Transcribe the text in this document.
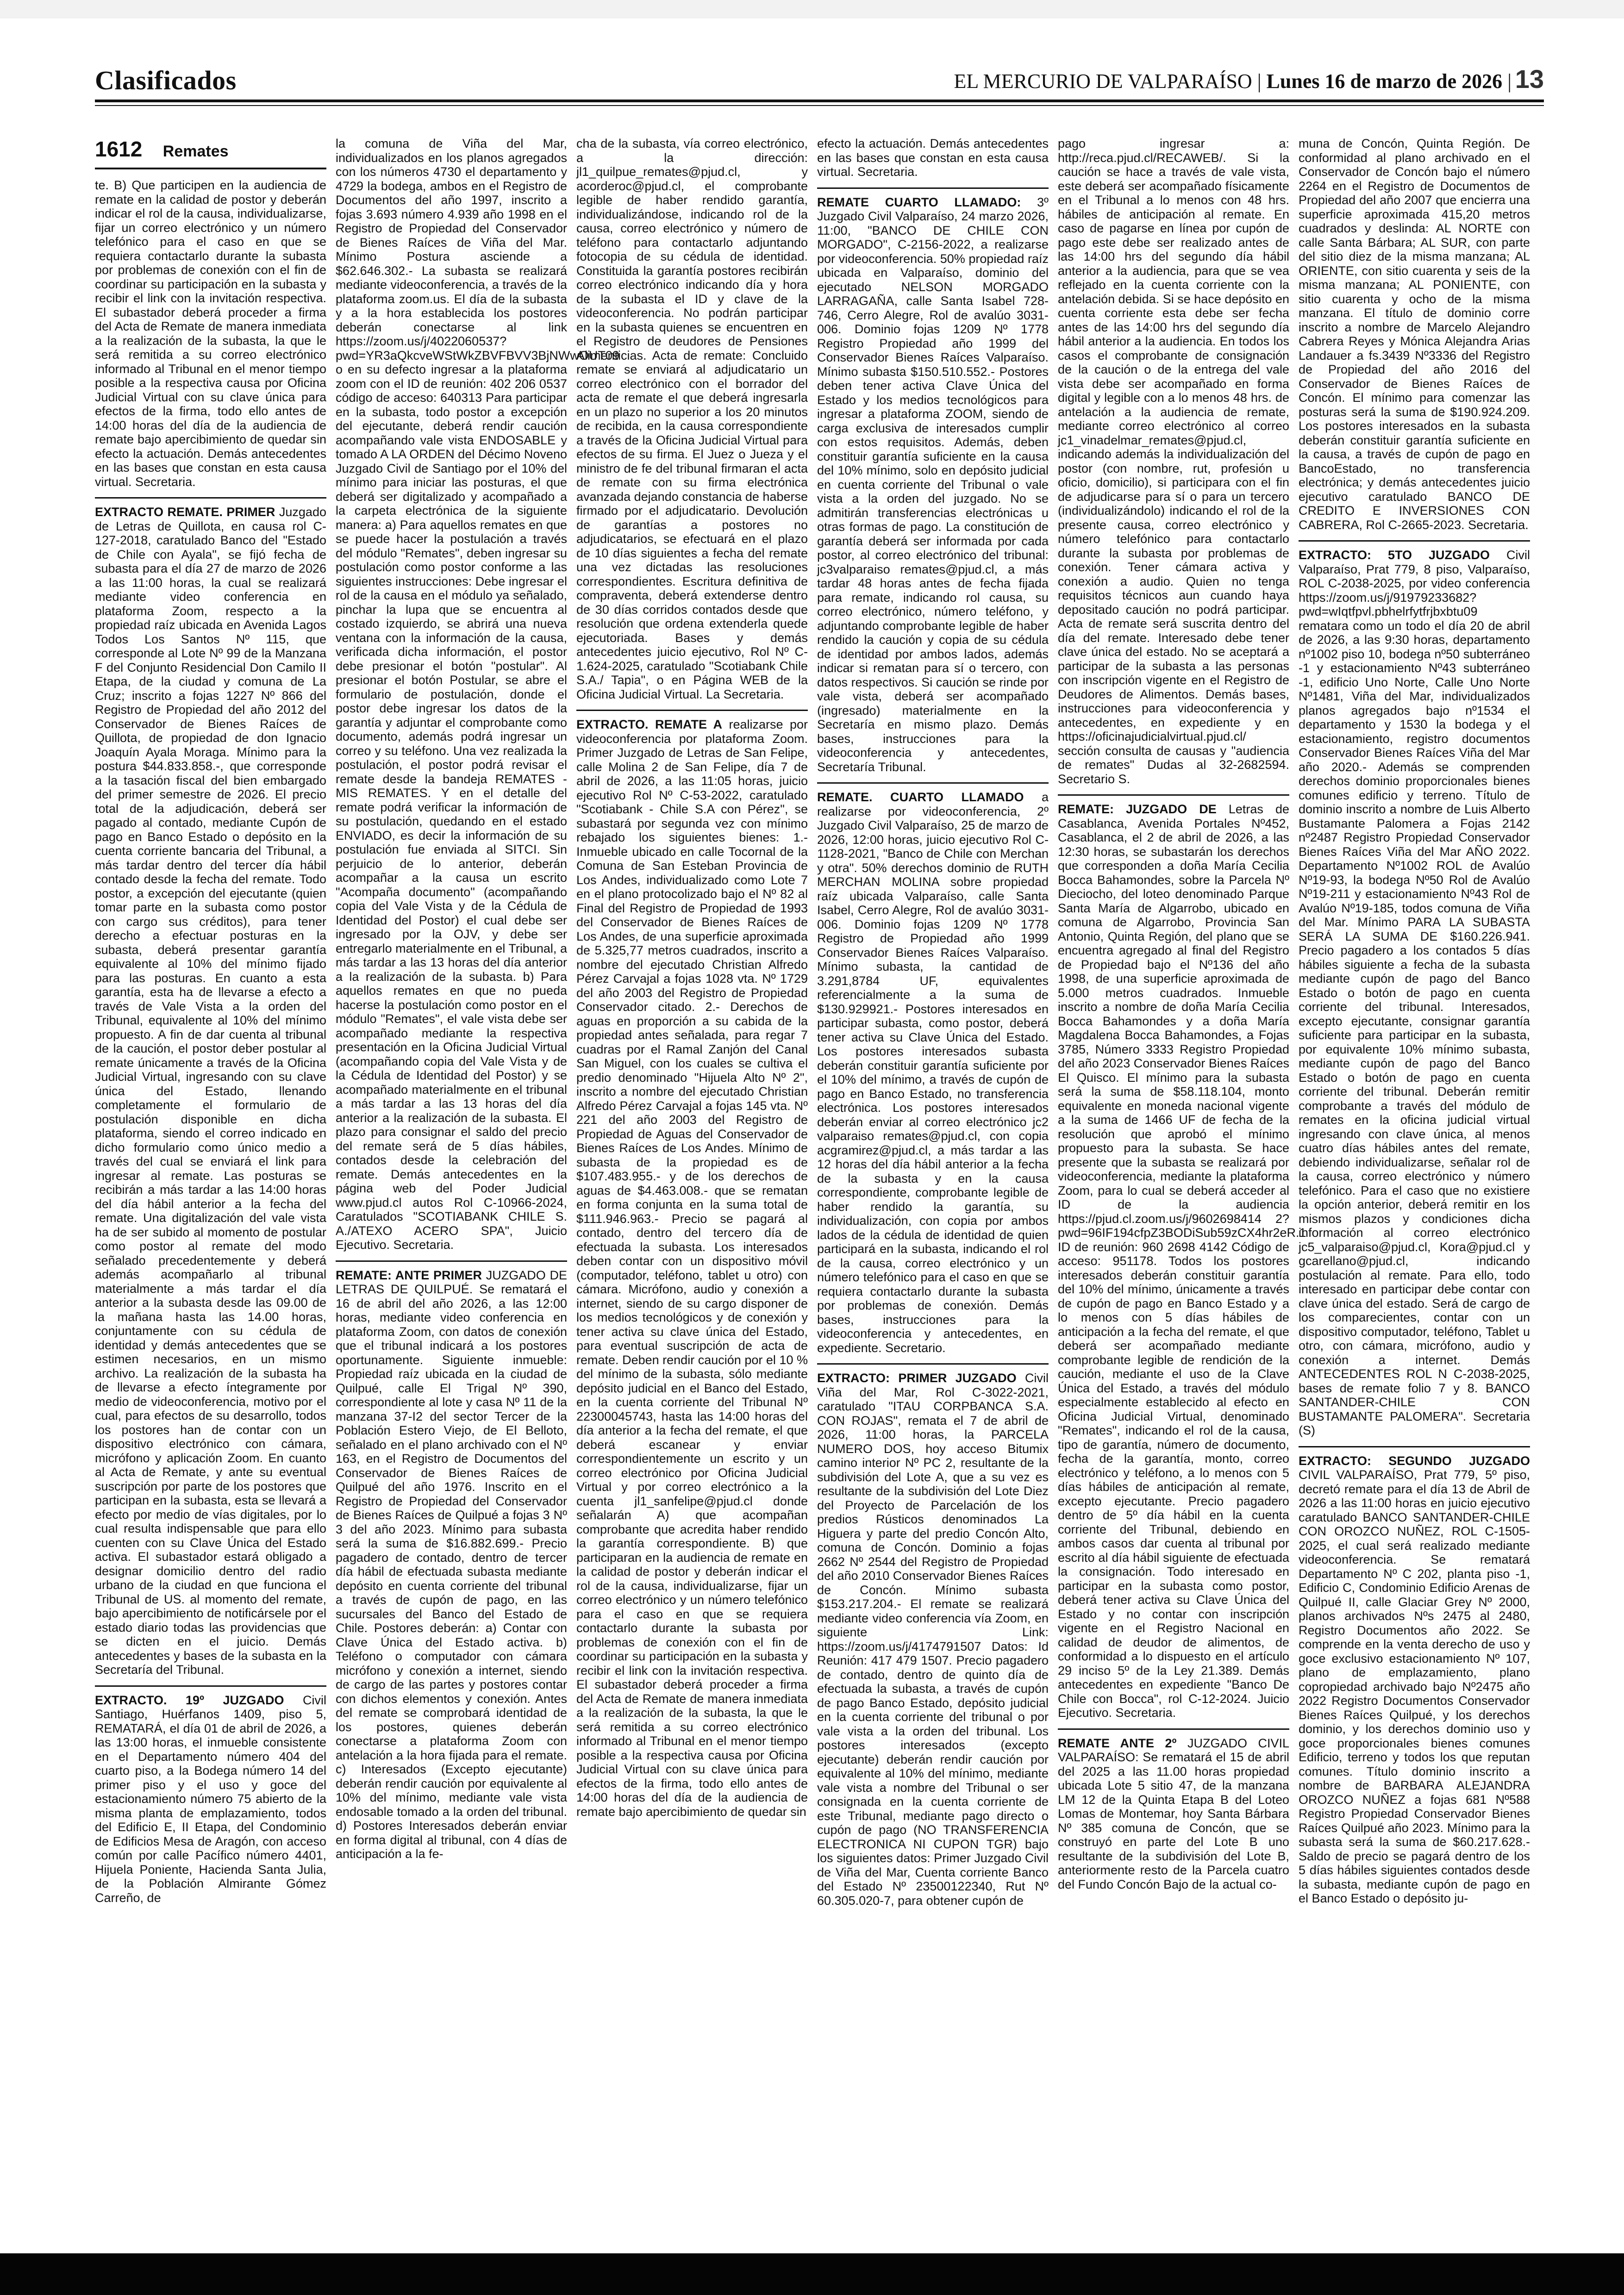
Clasificados	EL MERCURIO DE VALPARAÍSO | Lunes 16 de marzo de 2026 | 13
1612 Remates

te. B) Que participen en la audiencia de remate en la calidad de postor y deberán indicar el rol de la causa, individualizarse, fijar un correo electrónico y un número telefónico para el caso en que se requiera contactarlo durante la subasta por problemas de conexión con el fin de coordinar su participación en la subasta y recibir el link con la invitación respectiva. El subastador deberá proceder a firma del Acta de Remate de manera inmediata a la realización de la subasta, la que le será remitida a su correo electrónico informado al Tribunal en el menor tiempo posible a la respectiva causa por Oficina Judicial Virtual con su clave única para efectos de la firma, todo ello antes de 14:00 horas del día de la audiencia de remate bajo apercibimiento de quedar sin efecto la actuación. Demás antecedentes en las bases que constan en esta causa virtual. Secretaria.

EXTRACTO REMATE. PRIMER Juzgado de Letras de Quillota, en causa rol C-127-2018, caratulado Banco del "Estado de Chile con Ayala", se fijó fecha de subasta para el día 27 de marzo de 2026 a las 11:00 horas, la cual se realizará mediante video conferencia en plataforma Zoom, respecto a la propiedad raíz ubicada en Avenida Lagos Todos Los Santos Nº 115, que corresponde al Lote Nº 99 de la Manzana F del Conjunto Residencial Don Camilo II Etapa, de la ciudad y comuna de La Cruz; inscrito a fojas 1227 Nº 866 del Registro de Propiedad del año 2012 del Conservador de Bienes Raíces de Quillota, de propiedad de don Ignacio Joaquín Ayala Moraga. Mínimo para la postura $44.833.858.-, que corresponde a la tasación fiscal del bien embargado del primer semestre de 2026. El precio total de la adjudicación, deberá ser pagado al contado, mediante Cupón de pago en Banco Estado o depósito en la cuenta corriente bancaria del Tribunal, a más tardar dentro del tercer día hábil contado desde la fecha del remate. Todo postor, a excepción del ejecutante (quien tomar parte en la subasta como postor con cargo sus créditos), para tener derecho a efectuar posturas en la subasta, deberá presentar garantía equivalente al 10% del mínimo fijado para las posturas. En cuanto a esta garantía, esta ha de llevarse a efecto a través de Vale Vista a la orden del Tribunal, equivalente al 10% del mínimo propuesto. A fin de dar cuenta al tribunal de la caución, el postor deber postular al remate únicamente a través de la Oficina Judicial Virtual, ingresando con su clave única del Estado, llenando completamente el formulario de postulación disponible en dicha plataforma, siendo el correo indicado en dicho formulario como único medio a través del cual se enviará el link para ingresar al remate. Las posturas se recibirán a más tardar a las 14:00 horas del día hábil anterior a la fecha del remate. Una digitalización del vale vista ha de ser subido al momento de postular como postor al remate del modo señalado precedentemente y deberá además acompañarlo al tribunal materialmente a más tardar el día anterior a la subasta desde las 09.00 de la mañana hasta las 14.00 horas, conjuntamente con su cédula de identidad y demás antecedentes que se estimen necesarios, en un mismo archivo. La realización de la subasta ha de llevarse a efecto íntegramente por medio de videoconferencia, motivo por el cual, para efectos de su desarrollo, todos los postores han de contar con un dispositivo electrónico con cámara, micrófono y aplicación Zoom. En cuanto al Acta de Remate, y ante su eventual suscripción por parte de los postores que participan en la subasta, esta se llevará a efecto por medio de vías digitales, por lo cual resulta indispensable que para ello cuenten con su Clave Única del Estado activa. El subastador estará obligado a designar domicilio dentro del radio urbano de la ciudad en que funciona el Tribunal de US. al momento del remate, bajo apercibimiento de notificársele por el estado diario todas las providencias que se dicten en el juicio. Demás antecedentes y bases de la subasta en la Secretaría del Tribunal.

EXTRACTO. 19º JUZGADO Civil Santiago, Huérfanos 1409, piso 5, REMATARÁ, el día 01 de abril de 2026, a las 13:00 horas, el inmueble consistente en el Departamento número 404 del cuarto piso, a la Bodega número 14 del primer piso y el uso y goce del estacionamiento número 75 abierto de la misma planta de emplazamiento, todos del Edificio E, II Etapa, del Condominio de Edificios Mesa de Aragón, con acceso común por calle Pacífico número 4401, Hijuela Poniente, Hacienda Santa Julia, de la Población Almirante Gómez Carreño, de

la comuna de Viña del Mar, individualizados en los planos agregados con los números 4730 el departamento y 4729 la bodega, ambos en el Registro de Documentos del año 1997, inscrito a fojas 3.693 número 4.939 año 1998 en el Registro de Propiedad del Conservador de Bienes Raíces de Viña del Mar. Mínimo Postura asciende a $62.646.302.- La subasta se realizará mediante videoconferencia, a través de la plataforma zoom.us. El día de la subasta y a la hora establecida los postores deberán conectarse al link https://zoom.us/j/4022060537?pwd=YR3aQkcveWStWkZBVFBVV3BjNWwOUT09 o en su defecto ingresar a la plataforma zoom con el ID de reunión: 402 206 0537 código de acceso: 640313 Para participar en la subasta, todo postor a excepción del ejecutante, deberá rendir caución acompañando vale vista ENDOSABLE y tomado A LA ORDEN del Décimo Noveno Juzgado Civil de Santiago por el 10% del mínimo para iniciar las posturas, el que deberá ser digitalizado y acompañado a la carpeta electrónica de la siguiente manera: a) Para aquellos remates en que se puede hacer la postulación a través del módulo "Remates", deben ingresar su postulación como postor conforme a las siguientes instrucciones: Debe ingresar el rol de la causa en el módulo ya señalado, pinchar la lupa que se encuentra al costado izquierdo, se abrirá una nueva ventana con la información de la causa, verificada dicha información, el postor debe presionar el botón "postular". Al presionar el botón Postular, se abre el formulario de postulación, donde el postor debe ingresar los datos de la garantía y adjuntar el comprobante como documento, además podrá ingresar un correo y su teléfono. Una vez realizada la postulación, el postor podrá revisar el remate desde la bandeja REMATES - MIS REMATES. Y en el detalle del remate podrá verificar la información de su postulación, quedando en el estado ENVIADO, es decir la información de su postulación fue enviada al SITCI. Sin perjuicio de lo anterior, deberán acompañar a la causa un escrito "Acompaña documento" (acompañando copia del Vale Vista y de la Cédula de Identidad del Postor) el cual debe ser ingresado por la OJV, y debe ser entregarlo materialmente en el Tribunal, a más tardar a las 13 horas del día anterior a la realización de la subasta. b) Para aquellos remates en que no pueda hacerse la postulación como postor en el módulo "Remates", el vale vista debe ser acompañado mediante la respectiva presentación en la Oficina Judicial Virtual (acompañando copia del Vale Vista y de la Cédula de Identidad del Postor) y se acompañado materialmente en el tribunal a más tardar a las 13 horas del día anterior a la realización de la subasta. El plazo para consignar el saldo del precio del remate será de 5 días hábiles, contados desde la celebración del remate. Demás antecedentes en la página web del Poder Judicial www.pjud.cl autos Rol C-10966-2024, Caratulados "SCOTIABANK CHILE S. A./ATEXO ACERO SPA", Juicio Ejecutivo. Secretaria.

REMATE: ANTE PRIMER JUZGADO DE LETRAS DE QUILPUÉ. Se rematará el 16 de abril del año 2026, a las 12:00 horas, mediante video conferencia en plataforma Zoom, con datos de conexión que el tribunal indicará a los postores oportunamente. Siguiente inmueble: Propiedad raíz ubicada en la ciudad de Quilpué, calle El Trigal Nº 390, correspondiente al lote y casa Nº 11 de la manzana 37-I2 del sector Tercer de la Población Estero Viejo, de El Belloto, señalado en el plano archivado con el Nº 163, en el Registro de Documentos del Conservador de Bienes Raíces de Quilpué del año 1976. Inscrito en el Registro de Propiedad del Conservador de Bienes Raíces de Quilpué a fojas 3 Nº 3 del año 2023. Mínimo para subasta será la suma de $16.882.699.- Precio pagadero de contado, dentro de tercer día hábil de efectuada subasta mediante depósito en cuenta corriente del tribunal a través de cupón de pago, en las sucursales del Banco del Estado de Chile. Postores deberán: a) Contar con Clave Única del Estado activa. b) Teléfono o computador con cámara micrófono y conexión a internet, siendo de cargo de las partes y postores contar con dichos elementos y conexión. Antes del remate se comprobará identidad de los postores, quienes deberán conectarse a plataforma Zoom con antelación a la hora fijada para el remate. c) Interesados (Excepto ejecutante) deberán rendir caución por equivalente al 10% del mínimo, mediante vale vista endosable tomado a la orden del tribunal. d) Postores Interesados deberán enviar en forma digital al tribunal, con 4 días de anticipación a la fe-

cha de la subasta, vía correo electrónico, a la dirección: jl1_quilpue_remates@pjud.cl, y acorderoc@pjud.cl, el comprobante legible de haber rendido garantía, individualizándose, indicando rol de la causa, correo electrónico y número de teléfono para contactarlo adjuntando fotocopia de su cédula de identidad. Constituida la garantía postores recibirán correo electrónico indicando día y hora de la subasta el ID y clave de la videoconferencia. No podrán participar en la subasta quienes se encuentren en el Registro de deudores de Pensiones Alimenticias. Acta de remate: Concluido remate se enviará al adjudicatario un correo electrónico con el borrador del acta de remate el que deberá ingresarla en un plazo no superior a los 20 minutos de recibida, en la causa correspondiente a través de la Oficina Judicial Virtual para efectos de su firma. El Juez o Jueza y el ministro de fe del tribunal firmaran el acta de remate con su firma electrónica avanzada dejando constancia de haberse firmado por el adjudicatario. Devolución de garantías a postores no adjudicatarios, se efectuará en el plazo de 10 días siguientes a fecha del remate una vez dictadas las resoluciones correspondientes. Escritura definitiva de compraventa, deberá extenderse dentro de 30 días corridos contados desde que resolución que ordena extenderla quede ejecutoriada. Bases y demás antecedentes juicio ejecutivo, Rol Nº C-1.624-2025, caratulado "Scotiabank Chile S.A./ Tapia", o en Página WEB de la Oficina Judicial Virtual. La Secretaria.

EXTRACTO. REMATE A realizarse por videoconferencia por plataforma Zoom. Primer Juzgado de Letras de San Felipe, calle Molina 2 de San Felipe, día 7 de abril de 2026, a las 11:05 horas, juicio ejecutivo Rol Nº C-53-2022, caratulado "Scotiabank - Chile S.A con Pérez", se subastará por segunda vez con mínimo rebajado los siguientes bienes: 1.- Inmueble ubicado en calle Tocornal de la Comuna de San Esteban Provincia de Los Andes, individualizado como Lote 7 en el plano protocolizado bajo el Nº 82 al Final del Registro de Propiedad de 1993 del Conservador de Bienes Raíces de Los Andes, de una superficie aproximada de 5.325,77 metros cuadrados, inscrito a nombre del ejecutado Christian Alfredo Pérez Carvajal a fojas 1028 vta. Nº 1729 del año 2003 del Registro de Propiedad Conservador citado. 2.- Derechos de aguas en proporción a su cabida de la propiedad antes señalada, para regar 7 cuadras por el Ramal Zanjón del Canal San Miguel, con los cuales se cultiva el predio denominado "Hijuela Alto Nº 2", inscrito a nombre del ejecutado Christian Alfredo Pérez Carvajal a fojas 145 vta. Nº 221 del año 2003 del Registro de Propiedad de Aguas del Conservador de Bienes Raíces de Los Andes. Mínimo de subasta de la propiedad es de $107.483.955.- y de los derechos de aguas de $4.463.008.- que se rematan en forma conjunta en la suma total de $111.946.963.- Precio se pagará al contado, dentro del tercero día de efectuada la subasta. Los interesados deben contar con un dispositivo móvil (computador, teléfono, tablet u otro) con cámara. Micrófono, audio y conexión a internet, siendo de su cargo disponer de los medios tecnológicos y de conexión y tener activa su clave única del Estado, para eventual suscripción de acta de remate. Deben rendir caución por el 10 % del mínimo de la subasta, sólo mediante depósito judicial en el Banco del Estado, en la cuenta corriente del Tribunal Nº 22300045743, hasta las 14:00 horas del día anterior a la fecha del remate, el que deberá escanear y enviar correspondientemente un escrito y un correo electrónico por Oficina Judicial Virtual y por correo electrónico a la cuenta jl1_sanfelipe@pjud.cl donde señalarán A) que acompañan comprobante que acredita haber rendido la garantía correspondiente. B) que participaran en la audiencia de remate en la calidad de postor y deberán indicar el rol de la causa, individualizarse, fijar un correo electrónico y un número telefónico para el caso en que se requiera contactarlo durante la subasta por problemas de conexión con el fin de coordinar su participación en la subasta y recibir el link con la invitación respectiva. El subastador deberá proceder a firma del Acta de Remate de manera inmediata a la realización de la subasta, la que le será remitida a su correo electrónico informado al Tribunal en el menor tiempo posible a la respectiva causa por Oficina Judicial Virtual con su clave única para efectos de la firma, todo ello antes de 14:00 horas del día de la audiencia de remate bajo apercibimiento de quedar sin

efecto la actuación. Demás antecedentes en las bases que constan en esta causa virtual. Secretaria.

REMATE CUARTO LLAMADO: 3º Juzgado Civil Valparaíso, 24 marzo 2026, 11:00, "BANCO DE CHILE CON MORGADO", C-2156-2022, a realizarse por videoconferencia. 50% propiedad raíz ubicada en Valparaíso, dominio del ejecutado NELSON MORGADO LARRAGAÑA, calle Santa Isabel 728-746, Cerro Alegre, Rol de avalúo 3031-006. Dominio fojas 1209 Nº 1778 Registro Propiedad año 1999 del Conservador Bienes Raíces Valparaíso. Mínimo subasta $150.510.552.- Postores deben tener activa Clave Única del Estado y los medios tecnológicos para ingresar a plataforma ZOOM, siendo de carga exclusiva de interesados cumplir con estos requisitos. Además, deben constituir garantía suficiente en la causa del 10% mínimo, solo en depósito judicial en cuenta corriente del Tribunal o vale vista a la orden del juzgado. No se admitirán transferencias electrónicas u otras formas de pago. La constitución de garantía deberá ser informada por cada postor, al correo electrónico del tribunal: jc3valparaiso remates@pjud.cl, a más tardar 48 horas antes de fecha fijada para remate, indicando rol causa, su correo electrónico, número teléfono, y adjuntando comprobante legible de haber rendido la caución y copia de su cédula de identidad por ambos lados, además indicar si rematan para sí o tercero, con datos respectivos. Si caución se rinde por vale vista, deberá ser acompañado (ingresado) materialmente en la Secretaría en mismo plazo. Demás bases, instrucciones para la videoconferencia y antecedentes, Secretaría Tribunal.

REMATE. CUARTO LLAMADO a realizarse por videoconferencia, 2º Juzgado Civil Valparaíso, 25 de marzo de 2026, 12:00 horas, juicio ejecutivo Rol C-1128-2021, "Banco de Chile con Merchan y otra". 50% derechos dominio de RUTH MERCHAN MOLINA sobre propiedad raíz ubicada Valparaíso, calle Santa Isabel, Cerro Alegre, Rol de avalúo 3031-006. Dominio fojas 1209 Nº 1778 Registro de Propiedad año 1999 Conservador Bienes Raíces Valparaíso. Mínimo subasta, la cantidad de 3.291,8784 UF, equivalentes referencialmente a la suma de $130.929921.- Postores interesados en participar subasta, como postor, deberá tener activa su Clave Única del Estado. Los postores interesados subasta deberán constituir garantía suficiente por el 10% del mínimo, a través de cupón de pago en Banco Estado, no transferencia electrónica. Los postores interesados deberán enviar al correo electrónico jc2 valparaiso remates@pjud.cl, con copia acgramirez@pjud.cl, a más tardar a las 12 horas del día hábil anterior a la fecha de la subasta y en la causa correspondiente, comprobante legible de haber rendido la garantía, su individualización, con copia por ambos lados de la cédula de identidad de quien participará en la subasta, indicando el rol de la causa, correo electrónico y un número telefónico para el caso en que se requiera contactarlo durante la subasta por problemas de conexión. Demás bases, instrucciones para la videoconferencia y antecedentes, en expediente. Secretario.

EXTRACTO: PRIMER JUZGADO Civil Viña del Mar, Rol C-3022-2021, caratulado "ITAU CORPBANCA S.A. CON ROJAS", remata el 7 de abril de 2026, 11:00 horas, la PARCELA NUMERO DOS, hoy acceso Bitumix camino interior Nº PC 2, resultante de la subdivisión del Lote A, que a su vez es resultante de la subdivisión del Lote Diez del Proyecto de Parcelación de los predios Rústicos denominados La Higuera y parte del predio Concón Alto, comuna de Concón. Dominio a fojas 2662 Nº 2544 del Registro de Propiedad del año 2010 Conservador Bienes Raíces de Concón. Mínimo subasta $153.217.204.- El remate se realizará mediante video conferencia vía Zoom, en siguiente Link: https://zoom.us/j/4174791507 Datos: Id Reunión: 417 479 1507. Precio pagadero de contado, dentro de quinto día de efectuada la subasta, a través de cupón de pago Banco Estado, depósito judicial en la cuenta corriente del tribunal o por vale vista a la orden del tribunal. Los postores interesados (excepto ejecutante) deberán rendir caución por equivalente al 10% del mínimo, mediante vale vista a nombre del Tribunal o ser consignada en la cuenta corriente de este Tribunal, mediante pago directo o cupón de pago (NO TRANSFERENCIA ELECTRONICA NI CUPON TGR) bajo los siguientes datos: Primer Juzgado Civil de Viña del Mar, Cuenta corriente Banco del Estado Nº 23500122340, Rut Nº 60.305.020-7, para obtener cupón de

pago ingresar a: http://reca.pjud.cl/RECAWEB/. Si la caución se hace a través de vale vista, este deberá ser acompañado físicamente en el Tribunal a lo menos con 48 hrs. hábiles de anticipación al remate. En caso de pagarse en línea por cupón de pago este debe ser realizado antes de las 14:00 hrs del segundo día hábil anterior a la audiencia, para que se vea reflejado en la cuenta corriente con la antelación debida. Si se hace depósito en cuenta corriente esta debe ser fecha antes de las 14:00 hrs del segundo día hábil anterior a la audiencia. En todos los casos el comprobante de consignación de la caución o de la entrega del vale vista debe ser acompañado en forma digital y legible con a lo menos 48 hrs. de antelación a la audiencia de remate, mediante correo electrónico al correo jc1_vinadelmar_remates@pjud.cl, indicando además la individualización del postor (con nombre, rut, profesión u oficio, domicilio), si participara con el fin de adjudicarse para sí o para un tercero (individualizándolo) indicando el rol de la presente causa, correo electrónico y número telefónico para contactarlo durante la subasta por problemas de conexión. Tener cámara activa y conexión a audio. Quien no tenga requisitos técnicos aun cuando haya depositado caución no podrá participar. Acta de remate será suscrita dentro del día del remate. Interesado debe tener clave única del estado. No se aceptará a participar de la subasta a las personas con inscripción vigente en el Registro de Deudores de Alimentos. Demás bases, instrucciones para videoconferencia y antecedentes, en expediente y en https://oficinajudicialvirtual.pjud.cl/ sección consulta de causas y "audiencia de remates" Dudas al 32-2682594. Secretario S.

REMATE: JUZGADO DE Letras de Casablanca, Avenida Portales Nº452, Casablanca, el 2 de abril de 2026, a las 12:30 horas, se subastarán los derechos que corresponden a doña María Cecilia Bocca Bahamondes, sobre la Parcela Nº Dieciocho, del loteo denominado Parque Santa María de Algarrobo, ubicado en comuna de Algarrobo, Provincia San Antonio, Quinta Región, del plano que se encuentra agregado al final del Registro de Propiedad bajo el Nº136 del año 1998, de una superficie aproximada de 5.000 metros cuadrados. Inmueble inscrito a nombre de doña María Cecilia Bocca Bahamondes y a doña María Magdalena Bocca Bahamondes, a Fojas 3785, Número 3333 Registro Propiedad del año 2023 Conservador Bienes Raíces El Quisco. El mínimo para la subasta será la suma de $58.118.104, monto equivalente en moneda nacional vigente a la suma de 1466 UF de fecha de la resolución que aprobó el mínimo propuesto para la subasta. Se hace presente que la subasta se realizará por videoconferencia, mediante la plataforma Zoom, para lo cual se deberá acceder al ID de la audiencia https://pjud.cl.zoom.us/j/9602698414 2? pwd=96IF194cfpZ3BODiSub59zCX4hr2eR.1 ID de reunión: 960 2698 4142 Código de acceso: 951178. Todos los postores interesados deberán constituir garantía del 10% del mínimo, únicamente a través de cupón de pago en Banco Estado y a lo menos con 5 días hábiles de anticipación a la fecha del remate, el que deberá ser acompañado mediante comprobante legible de rendición de la caución, mediante el uso de la Clave Única del Estado, a través del módulo especialmente establecido al efecto en Oficina Judicial Virtual, denominado "Remates", indicando el rol de la causa, tipo de garantía, número de documento, fecha de la garantía, monto, correo electrónico y teléfono, a lo menos con 5 días hábiles de anticipación al remate, excepto ejecutante. Precio pagadero dentro de 5º día hábil en la cuenta corriente del Tribunal, debiendo en ambos casos dar cuenta al tribunal por escrito al día hábil siguiente de efectuada la consignación. Todo interesado en participar en la subasta como postor, deberá tener activa su Clave Única del Estado y no contar con inscripción vigente en el Registro Nacional en calidad de deudor de alimentos, de conformidad a lo dispuesto en el artículo 29 inciso 5º de la Ley 21.389. Demás antecedentes en expediente "Banco De Chile con Bocca", rol C-12-2024. Juicio Ejecutivo. Secretaria.

REMATE ANTE 2º JUZGADO CIVIL VALPARAÍSO: Se rematará el 15 de abril del 2025 a las 11.00 horas propiedad ubicada Lote 5 sitio 47, de la manzana LM 12 de la Quinta Etapa B del Loteo Lomas de Montemar, hoy Santa Bárbara Nº 385 comuna de Concón, que se construyó en parte del Lote B uno resultante de la subdivisión del Lote B, anteriormente resto de la Parcela cuatro del Fundo Concón Bajo de la actual co-

muna de Concón, Quinta Región. De conformidad al plano archivado en el Conservador de Concón bajo el número 2264 en el Registro de Documentos de Propiedad del año 2007 que encierra una superficie aproximada 415,20 metros cuadrados y deslinda: AL NORTE con calle Santa Bárbara; AL SUR, con parte del sitio diez de la misma manzana; AL ORIENTE, con sitio cuarenta y seis de la misma manzana; AL PONIENTE, con sitio cuarenta y ocho de la misma manzana. El título de dominio corre inscrito a nombre de Marcelo Alejandro Cabrera Reyes y Mónica Alejandra Arias Landauer a fs.3439 Nº3336 del Registro de Propiedad del año 2016 del Conservador de Bienes Raíces de Concón. El mínimo para comenzar las posturas será la suma de $190.924.209. Los postores interesados en la subasta deberán constituir garantía suficiente en la causa, a través de cupón de pago en BancoEstado, no transferencia electrónica; y demás antecedentes juicio ejecutivo caratulado BANCO DE CREDITO E INVERSIONES CON CABRERA, Rol C-2665-2023. Secretaria.

EXTRACTO: 5TO JUZGADO Civil Valparaíso, Prat 779, 8 piso, Valparaíso, ROL C-2038-2025, por video conferencia https://zoom.us/j/91979233682?pwd=wIqtfpvl.pbhelrfytfrjbxbtu09 rematara como un todo el día 20 de abril de 2026, a las 9:30 horas, departamento nº1002 piso 10, bodega nº50 subterráneo -1 y estacionamiento Nº43 subterráneo -1, edificio Uno Norte, Calle Uno Norte Nº1481, Viña del Mar, individualizados planos agregados bajo nº1534 el departamento y 1530 la bodega y el estacionamiento, registro documentos Conservador Bienes Raíces Viña del Mar año 2020.- Además se comprenden derechos dominio proporcionales bienes comunes edificio y terreno. Título de dominio inscrito a nombre de Luis Alberto Bustamante Palomera a Fojas 2142 nº2487 Registro Propiedad Conservador Bienes Raíces Viña del Mar AÑO 2022. Departamento Nº1002 ROL de Avalúo Nº19-93, la bodega Nº50 Rol de Avalúo Nº19-211 y estacionamiento Nº43 Rol de Avalúo Nº19-185, todos comuna de Viña del Mar. Mínimo PARA LA SUBASTA SERÁ LA SUMA DE $160.226.941. Precio pagadero a los contados 5 días hábiles siguiente a fecha de la subasta mediante cupón de pago del Banco Estado o botón de pago en cuenta corriente del tribunal. Interesados, excepto ejecutante, consignar garantía suficiente para participar en la subasta, por equivalente 10% mínimo subasta, mediante cupón de pago del Banco Estado o botón de pago en cuenta corriente del tribunal. Deberán remitir comprobante a través del módulo de remates en la oficina judicial virtual ingresando con clave única, al menos cuatro días hábiles antes del remate, debiendo individualizarse, señalar rol de la causa, correo electrónico y número telefónico. Para el caso que no existiere la opción anterior, deberá remitir en los mismos plazos y condiciones dicha información al correo electrónico jc5_valparaiso@pjud.cl, Kora@pjud.cl y gcarellano@pjud.cl, indicando postulación al remate. Para ello, todo interesado en participar debe contar con clave única del estado. Será de cargo de los comparecientes, contar con un dispositivo computador, teléfono, Tablet u otro, con cámara, micrófono, audio y conexión a internet. Demás ANTECEDENTES ROL N C-2038-2025, bases de remate folio 7 y 8. BANCO SANTANDER-CHILE CON BUSTAMANTE PALOMERA". Secretaria (S)

EXTRACTO: SEGUNDO JUZGADO CIVIL VALPARAÍSO, Prat 779, 5º piso, decretó remate para el día 13 de Abril de 2026 a las 11:00 horas en juicio ejecutivo caratulado BANCO SANTANDER-CHILE CON OROZCO NUÑEZ, ROL C-1505-2025, el cual será realizado mediante videoconferencia. Se rematará Departamento Nº C 202, planta piso -1, Edificio C, Condominio Edificio Arenas de Quilpué II, calle Glaciar Grey Nº 2000, planos archivados Nºs 2475 al 2480, Registro Documentos año 2022. Se comprende en la venta derecho de uso y goce exclusivo estacionamiento Nº 107, plano de emplazamiento, plano copropiedad archivado bajo Nº2475 año 2022 Registro Documentos Conservador Bienes Raíces Quilpué, y los derechos dominio, y los derechos dominio uso y goce proporcionales bienes comunes Edificio, terreno y todos los que reputan comunes. Título dominio inscrito a nombre de BARBARA ALEJANDRA OROZCO NUÑEZ a fojas 681 Nº588 Registro Propiedad Conservador Bienes Raíces Quilpué año 2023. Mínimo para la subasta será la suma de $60.217.628.- Saldo de precio se pagará dentro de los 5 días hábiles siguientes contados desde la subasta, mediante cupón de pago en el Banco Estado o depósito ju-
